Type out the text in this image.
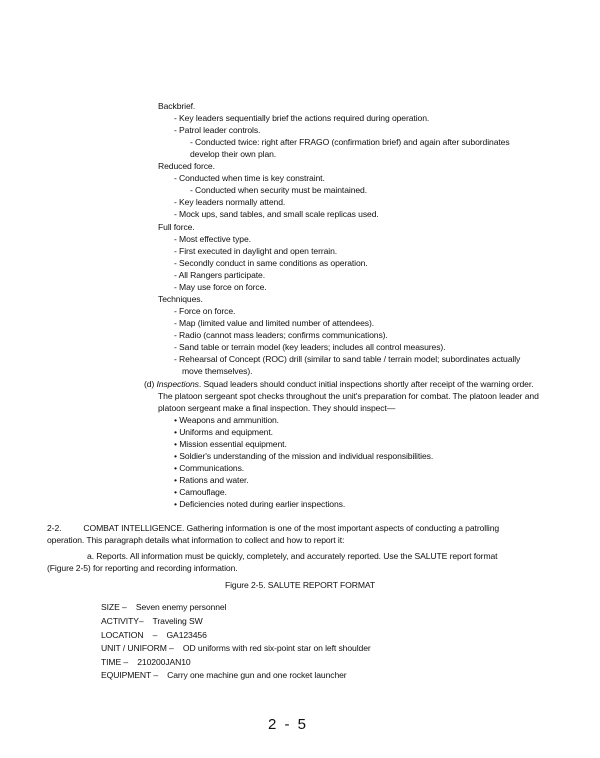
Backbrief.
- Key leaders sequentially brief the actions required during operation.
- Patrol leader controls.
- Conducted twice: right after FRAGO (confirmation brief) and again after subordinates
develop their own plan.
Reduced force.
- Conducted when time is key constraint.
- Conducted when security must be maintained.
- Key leaders normally attend.
- Mock ups, sand tables, and small scale replicas used.
Full force.
- Most effective type.
- First executed in daylight and open terrain.
- Secondly conduct in same conditions as operation.
- All Rangers participate.
- May use force on force.
Techniques.
- Force on force.
- Map (limited value and limited number of attendees).
- Radio (cannot mass leaders; confirms communications).
- Sand table or terrain model (key leaders; includes all control measures).
- Rehearsal of Concept (ROC) drill (similar to sand table / terrain model; subordinates actually
move themselves).
(d) Inspections. Squad leaders should conduct initial inspections shortly after receipt of the warning order.
The platoon sergeant spot checks throughout the unit's preparation for combat. The platoon leader and
platoon sergeant make a final inspection. They should inspect—
• Weapons and ammunition.
• Uniforms and equipment.
• Mission essential equipment.
• Soldier's understanding of the mission and individual responsibilities.
• Communications.
• Rations and water.
• Camouflage.
• Deficiencies noted during earlier inspections.
2-2.	COMBAT INTELLIGENCE. Gathering information is one of the most important aspects of conducting a patrolling
operation. This paragraph details what information to collect and how to report it:
a. Reports. All information must be quickly, completely, and accurately reported. Use the SALUTE report format
(Figure 2-5) for reporting and recording information.
Figure 2-5. SALUTE REPORT FORMAT
SIZE –    Seven enemy personnel
ACTIVITY–    Traveling SW
LOCATION    –    GA123456
UNIT / UNIFORM –    OD uniforms with red six-point star on left shoulder
TIME –    210200JAN10
EQUIPMENT –    Carry one machine gun and one rocket launcher
2 - 5
